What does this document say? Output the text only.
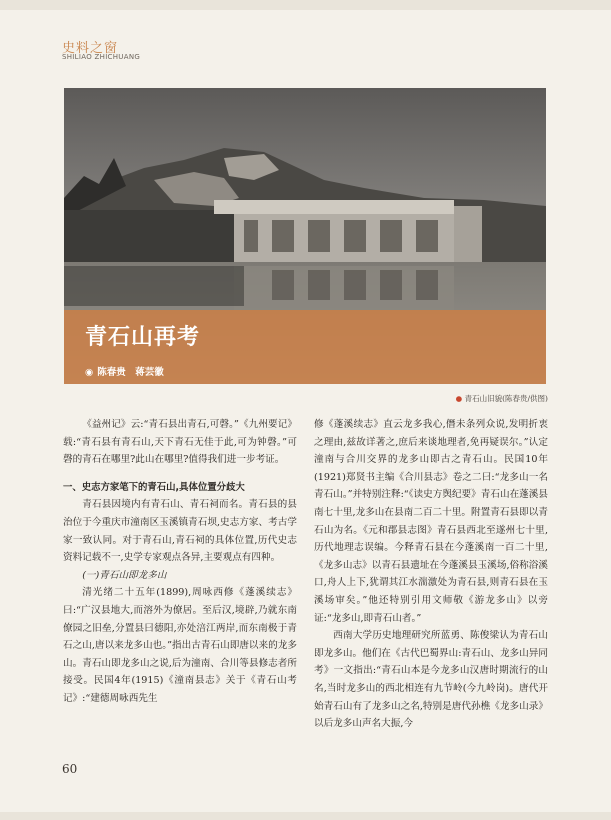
史料之窗
SHILIAO ZHICHUANG
青石山再考
◉ 陈春贵　蒋芸徽
● 青石山旧貌(陈春贵/供图)

《益州记》云:“青石县出青石,可磬。”《九州要记》载:“青石县有青石山,天下青石无佳于此,可为钟磬。”可磬的青石在哪里?此山在哪里?值得我们进一步考证。

一、史志方家笔下的青石山,具体位置分歧大

青石县因境内有青石山、青石祠而名。青石县的县治位于今重庆市潼南区玉溪镇青石坝,史志方家、考古学家一致认同。对于青石山,青石祠的具体位置,历代史志资料记载不一,史学专家观点各异,主要观点有四种。

(一)青石山即龙多山

清光绪二十五年(1899),周咏西修《蓬溪续志》曰:“广汉县地大,而溶外为僚居。至后汉,境辟,乃就东南僚园之旧垒,分置县曰德阳,亦处涪江两岸,而东南极于青石之山,唐以来龙多山也。”指出古青石山即唐以来的龙多山。青石山即龙多山之说,后为潼南、合川等县修志者所接受。民国4年(1915)《潼南县志》关于《青石山考记》:“建德周咏西先生

修《蓬溪续志》直云龙多我心,僭未条列众说,发明折衷之理由,兹故详著之,庶后来谈地理者,免再疑误尔。”认定潼南与合川交界的龙多山即古之青石山。民国10年(1921)郑贤书主编《合川县志》卷之二曰:“龙多山一名青石山。”并特别注释:“《读史方舆纪要》青石山在蓬溪县南七十里,龙多山在县南二百二十里。附置青石县即以青石山为名。《元和郡县志图》青石县西北至遂州七十里,历代地理志误编。今释青石县在今蓬溪南一百二十里,《龙多山志》以青石县遗址在今蓬溪县玉溪场,俗称浴溪口,舟人上下,犹谓其江水湍激处为青石县,则青石县在玉溪场审矣。”他还特别引用文师敬《游龙多山》以旁证:“龙多山,即青石山者。”

西南大学历史地理研究所蓝勇、陈俊梁认为青石山即龙多山。他们在《古代巴蜀界山:青石山、龙多山异同考》一文指出:“青石山本是今龙多山汉唐时期流行的山名,当时龙多山的西北相连有九节岭(今九岭岗)。唐代开始青石山有了龙多山之名,特别是唐代孙樵《龙多山录》以后龙多山声名大振,今

60
